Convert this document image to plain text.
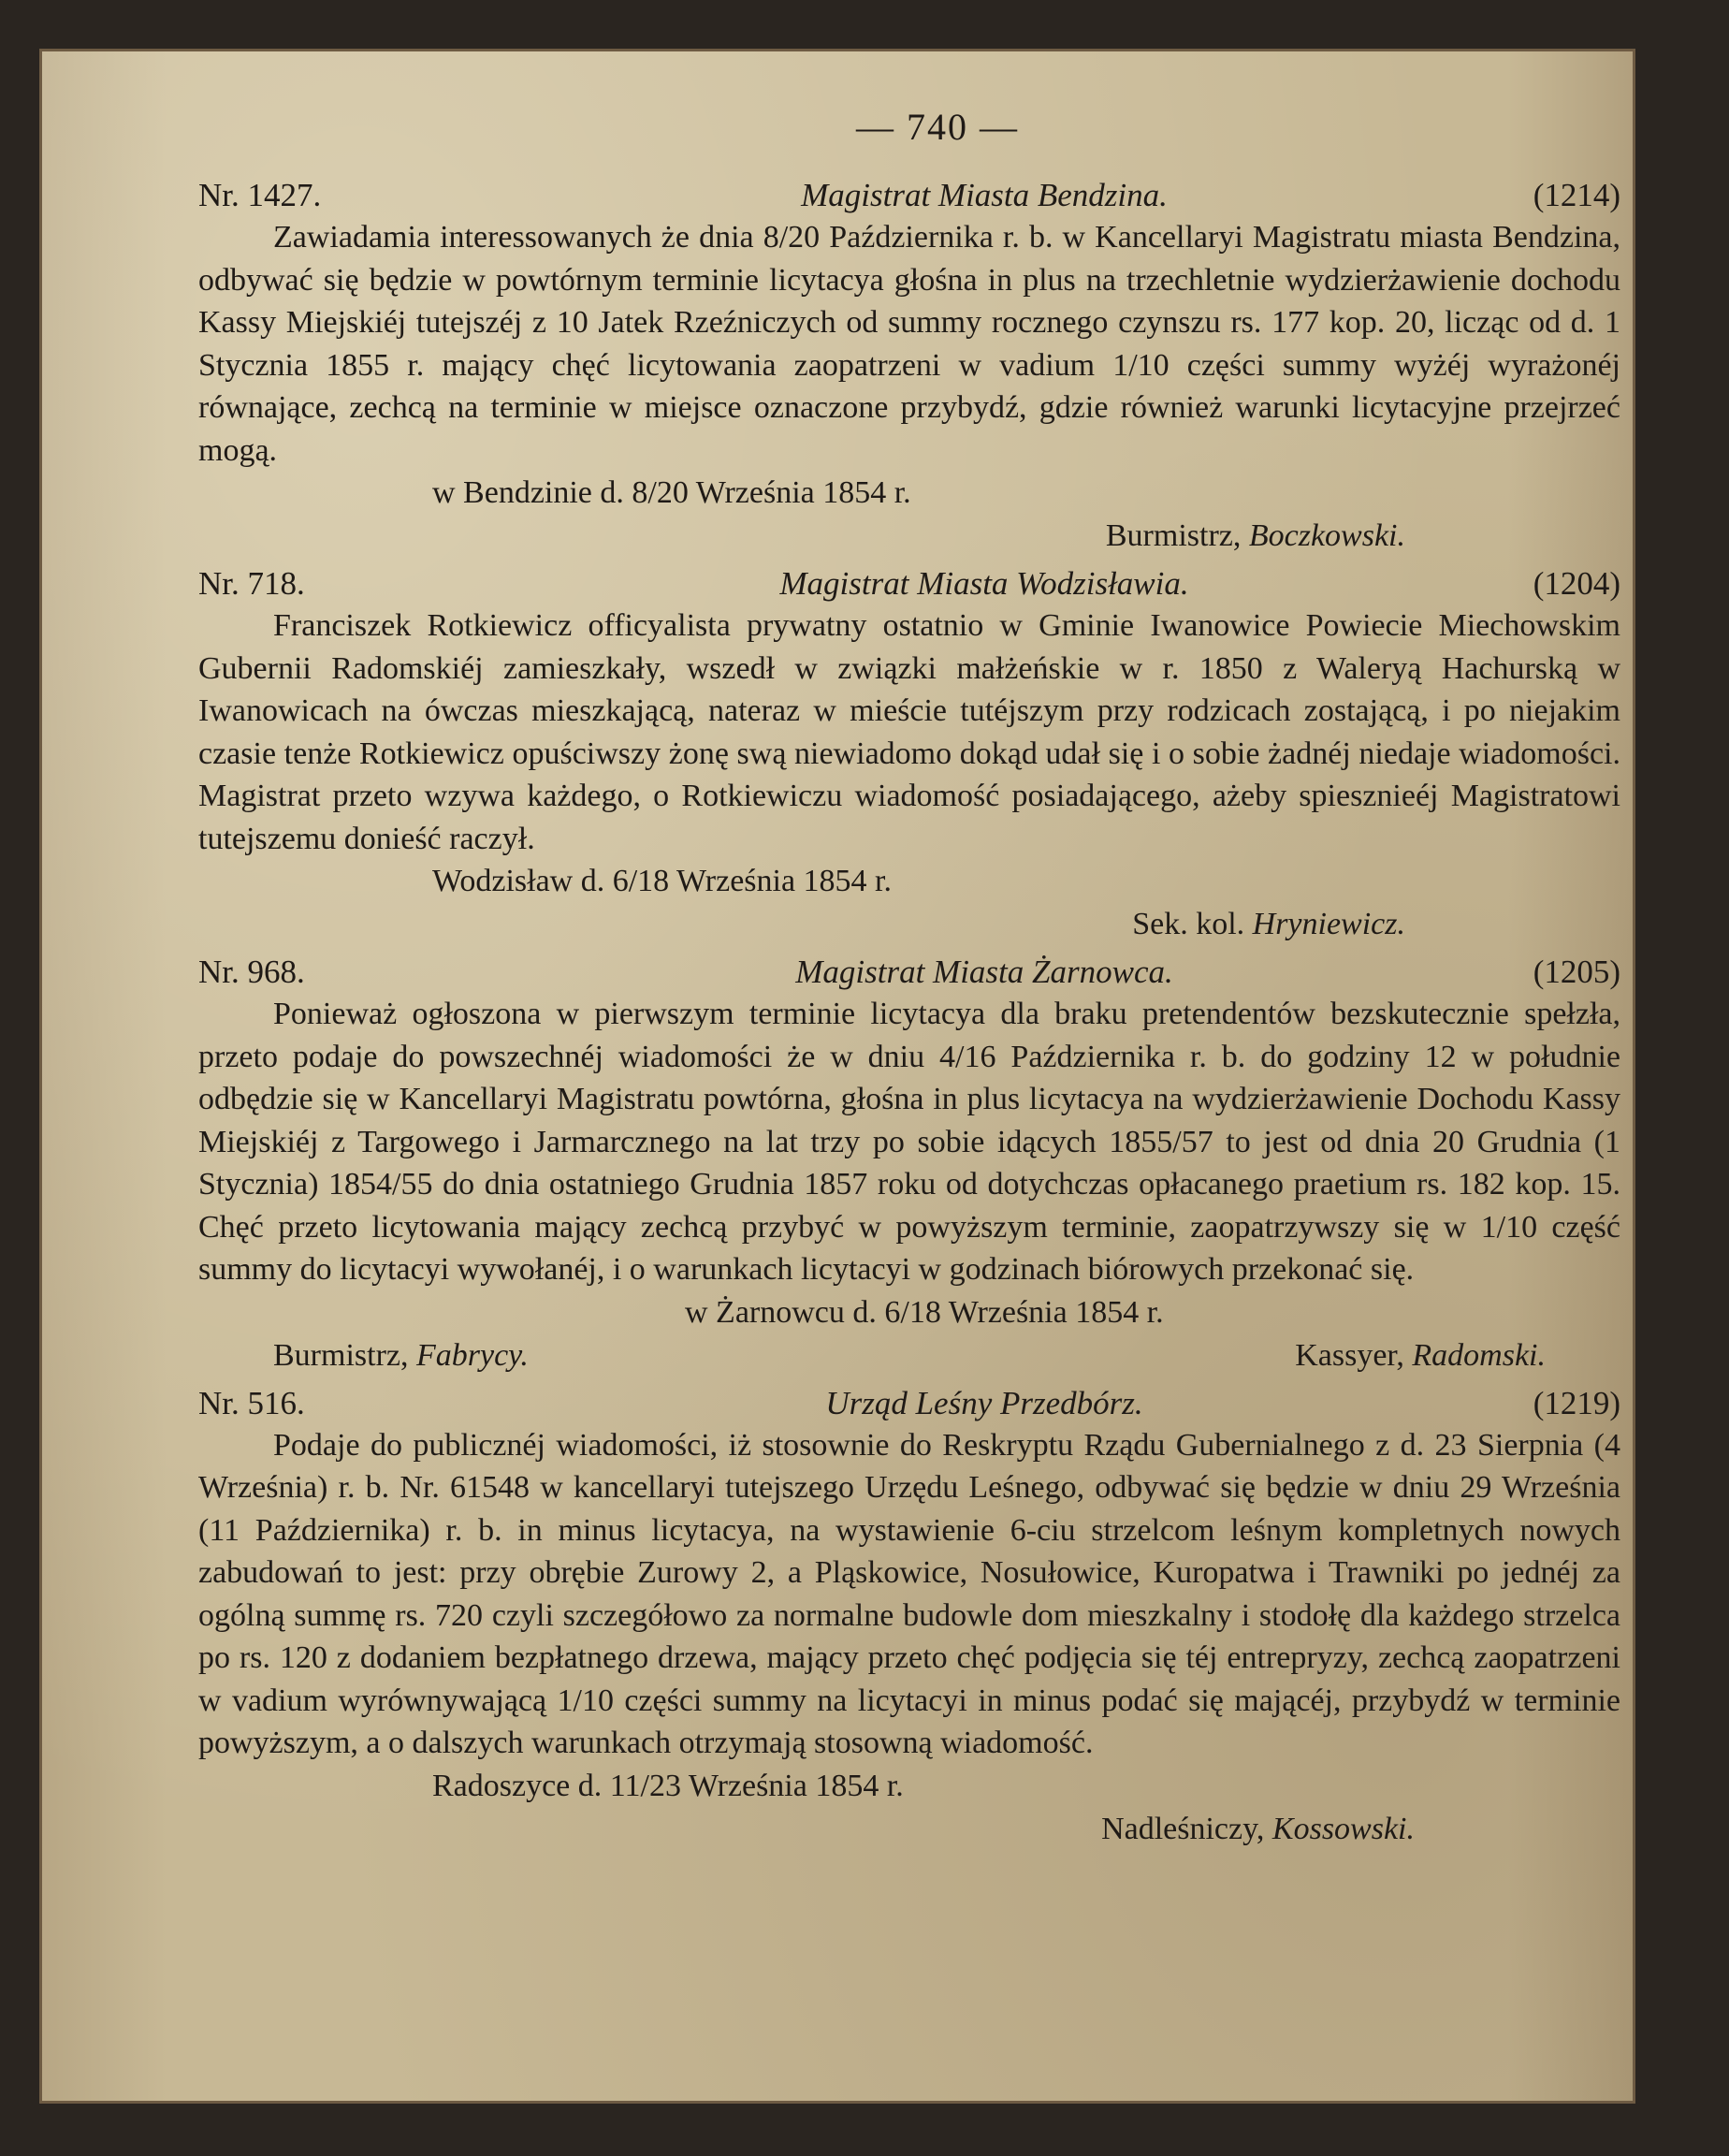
— 740 —
Nr. 1427.	Magistrat Miasta Bendzina.	(1214)

Zawiadamia interessowanych że dnia 8/20 Października r. b. w Kancellaryi Magistratu miasta Bendzina, odbywać się będzie w powtórnym terminie licytacya głośna in plus na trzechletnie wydzierżawienie dochodu Kassy Miejskiéj tutejszéj z 10 Jatek Rzeźniczych od summy rocznego czynszu rs. 177 kop. 20, licząc od d. 1 Stycznia 1855 r. mający chęć licytowania zaopatrzeni w vadium 1/10 części summy wyżéj wyrażonéj równające, zechcą na terminie w miejsce oznaczone przybydź, gdzie również warunki licytacyjne przejrzeć mogą.

w Bendzinie d. 8/20 Września 1854 r.
Burmistrz, Boczkowski.
Nr. 718.	Magistrat Miasta Wodzisławia.	(1204)

Franciszek Rotkiewicz officyalista prywatny ostatnio w Gminie Iwanowice Powiecie Miechowskim Gubernii Radomskiéj zamieszkały, wszedł w związki małżeńskie w r. 1850 z Waleryą Hachurską w Iwanowicach na ówczas mieszkającą, nateraz w mieście tutéjszym przy rodzicach zostającą, i po niejakim czasie tenże Rotkiewicz opuściwszy żonę swą niewiadomo dokąd udał się i o sobie żadnéj niedaje wiadomości. Magistrat przeto wzywa każdego, o Rotkiewiczu wiadomość posiadającego, ażeby spiesznieéj Magistratowi tutejszemu donieść raczył.

Wodzisław d. 6/18 Września 1854 r.
Sek. kol. Hryniewicz.
Nr. 968.	Magistrat Miasta Żarnowca.	(1205)

Ponieważ ogłoszona w pierwszym terminie licytacya dla braku pretendentów bezskutecznie spełzła, przeto podaje do powszechnéj wiadomości że w dniu 4/16 Października r. b. do godziny 12 w południe odbędzie się w Kancellaryi Magistratu powtórna, głośna in plus licytacya na wydzierżawienie Dochodu Kassy Miejskiéj z Targowego i Jarmarcznego na lat trzy po sobie idących 1855/57 to jest od dnia 20 Grudnia (1 Stycznia) 1854/55 do dnia ostatniego Grudnia 1857 roku od dotychczas opłacanego praetium rs. 182 kop. 15. Chęć przeto licytowania mający zechcą przybyć w powyższym terminie, zaopatrzywszy się w 1/10 część summy do licytacyi wywołanéj, i o warunkach licytacyi w godzinach biórowych przekonać się.

w Żarnowcu d. 6/18 Września 1854 r.
Burmistrz, Fabrycy.	Kassyer, Radomski.
Nr. 516.	Urząd Leśny Przedbórz.	(1219)

Podaje do publicznéj wiadomości, iż stosownie do Reskryptu Rządu Gubernialnego z d. 23 Sierpnia (4 Września) r. b. Nr. 61548 w kancellaryi tutejszego Urzędu Leśnego, odbywać się będzie w dniu 29 Września (11 Października) r. b. in minus licytacya, na wystawienie 6-ciu strzelcom leśnym kompletnych nowych zabudowań to jest: przy obrębie Zurowy 2, a Pląskowice, Nosułowice, Kuropatwa i Trawniki po jednéj za ogólną summę rs. 720 czyli szczegółowo za normalne budowle dom mieszkalny i stodołę dla każdego strzelca po rs. 120 z dodaniem bezpłatnego drzewa, mający przeto chęć podjęcia się téj entrepryzy, zechcą zaopatrzeni w vadium wyrównywającą 1/10 części summy na licytacyi in minus podać się mającéj, przybydź w terminie powyższym, a o dalszych warunkach otrzymają stosowną wiadomość.

Radoszyce d. 11/23 Września 1854 r.
Nadleśniczy, Kossowski.
